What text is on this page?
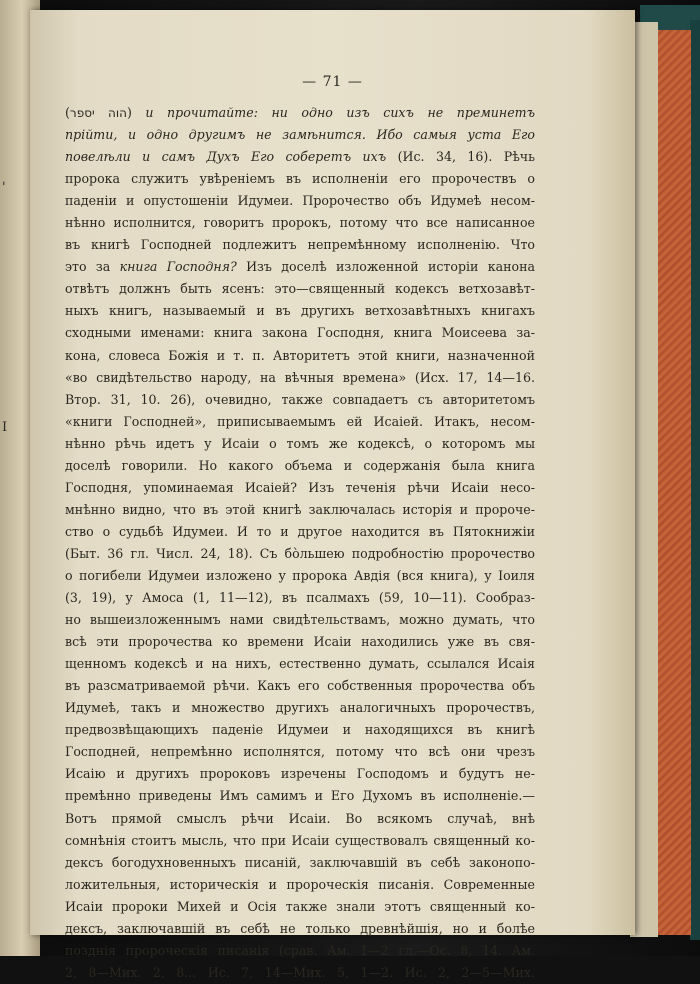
'
I
— 71 —
(הוה יספר) и прочитайте: ни одно изъ сихъ не преминетъ
прійти, и одно другимъ не замѣнится. Ибо самыя уста Его
повелѣли и самъ Духъ Его соберетъ ихъ (Ис. 34, 16). Рѣчь
пророка служитъ увѣреніемъ въ исполненіи его пророчествъ о
паденіи и опустошеніи Идумеи. Пророчество объ Идумеѣ несом-
нѣнно исполнится, говоритъ пророкъ, потому что все написанное
въ книгѣ Господней подлежитъ непремѣнному исполненію. Что
это за книга Господня? Изъ доселѣ изложенной исторіи канона
отвѣтъ должнъ быть ясенъ: это—священный кодексъ ветхозавѣт-
ныхъ книгъ, называемый и въ другихъ ветхозавѣтныхъ книгахъ
сходными именами: книга закона Господня, книга Моисеева за-
кона, словеса Божія и т. п. Авторитетъ этой книги, назначенной
«во свидѣтельство народу, на вѣчныя времена» (Исх. 17, 14—16.
Втор. 31, 10. 26), очевидно, также совпадаетъ съ авторитетомъ
«книги Господней», приписываемымъ ей Исаіей. Итакъ, несом-
нѣнно рѣчь идетъ у Исаіи о томъ же кодексѣ, о которомъ мы
доселѣ говорили. Но какого объема и содержанія была книга
Господня, упоминаемая Исаіей? Изъ теченія рѣчи Исаіи несо-
мнѣнно видно, что въ этой книгѣ заключалась исторія и пророче-
ство о судьбѣ Идумеи. И то и другое находится въ Пятокнижіи
(Быт. 36 гл. Числ. 24, 18). Съ бо̀льшею подробностію пророчество
о погибели Идумеи изложено у пророка Авдія (вся книга), у Іоиля
(3, 19), у Амоса (1, 11—12), въ псалмахъ (59, 10—11). Сообраз-
но вышеизложеннымъ нами свидѣтельствамъ, можно думать, что
всѣ эти пророчества ко времени Исаіи находились уже въ свя-
щенномъ кодексѣ и на нихъ, естественно думать, ссылался Исаія
въ разсматриваемой рѣчи. Какъ его собственныя пророчества объ
Идумеѣ, такъ и множество другихъ аналогичныхъ пророчествъ,
предвозвѣщающихъ паденіе Идумеи и находящихся въ книгѣ
Господней, непремѣнно исполнятся, потому что всѣ они чрезъ
Исаію и другихъ пророковъ изречены Господомъ и будутъ не-
премѣнно приведены Имъ самимъ и Его Духомъ въ исполненіе.—
Вотъ прямой смыслъ рѣчи Исаіи. Во всякомъ случаѣ, внѣ
сомнѣнія стоитъ мысль, что при Исаіи существовалъ священный ко-
дексъ богодухновенныхъ писаній, заключавшій въ себѣ законопо-
ложительныя, историческія и пророческія писанія. Современные
Исаіи пророки Михей и Осія также знали этотъ священный ко-
дексъ, заключавшій въ себѣ не только древнѣйшія, но и болѣе
позднія пророческія писанія (срав. Ам. 1—2 гл.—Ос. 8, 14. Ам.
2, 8—Мих. 2, 8... Ис. 7, 14—Мих. 5, 1—2. Ис. 2, 2—5—Мих.
